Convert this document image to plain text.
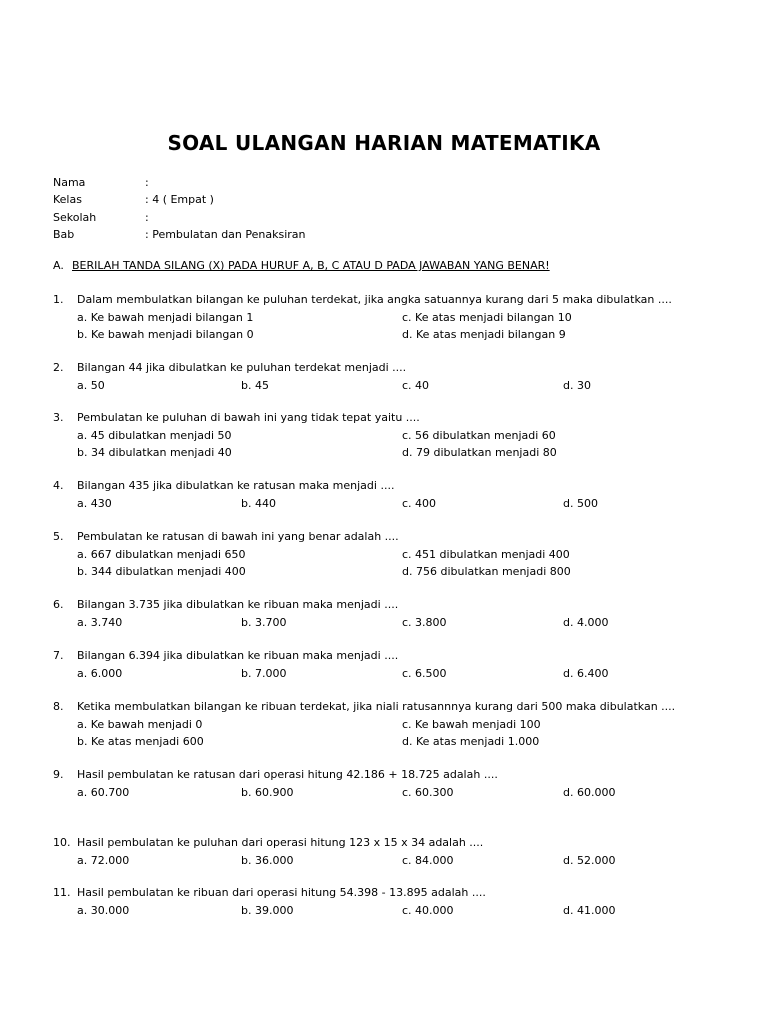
SOAL ULANGAN HARIAN MATEMATIKA
Nama	:
Kelas	: 4 ( Empat )
Sekolah	:
Bab	: Pembulatan dan Penaksiran
A. BERILAH TANDA SILANG (X) PADA HURUF A, B, C ATAU D PADA JAWABAN YANG BENAR!
1. Dalam membulatkan bilangan ke puluhan terdekat, jika angka satuannya kurang dari 5 maka dibulatkan ....
a. Ke bawah menjadi bilangan 1	c. Ke atas menjadi bilangan 10
b. Ke bawah menjadi bilangan 0	d. Ke atas menjadi bilangan 9
2. Bilangan 44 jika dibulatkan ke puluhan terdekat menjadi ....
a. 50	b. 45	c. 40	d. 30
3. Pembulatan ke puluhan di bawah ini yang tidak tepat yaitu ....
a. 45 dibulatkan menjadi 50	c. 56 dibulatkan menjadi 60
b. 34 dibulatkan menjadi 40	d. 79 dibulatkan menjadi 80
4. Bilangan 435 jika dibulatkan ke ratusan maka menjadi ....
a. 430	b. 440	c. 400	d. 500
5. Pembulatan ke ratusan di bawah ini yang benar adalah ....
a. 667 dibulatkan menjadi 650	c. 451 dibulatkan menjadi 400
b. 344 dibulatkan menjadi 400	d. 756 dibulatkan menjadi 800
6. Bilangan 3.735 jika dibulatkan ke ribuan maka menjadi ....
a. 3.740	b. 3.700	c. 3.800	d. 4.000
7. Bilangan 6.394 jika dibulatkan ke ribuan maka menjadi ....
a. 6.000	b. 7.000	c. 6.500	d. 6.400
8. Ketika membulatkan bilangan ke ribuan terdekat, jika niali ratusannnya kurang dari 500 maka dibulatkan ....
a. Ke bawah menjadi 0	c. Ke bawah menjadi 100
b. Ke atas menjadi 600	d. Ke atas menjadi 1.000
9. Hasil pembulatan ke ratusan dari operasi hitung 42.186 + 18.725 adalah ....
a. 60.700	b. 60.900	c. 60.300	d. 60.000
10. Hasil pembulatan ke puluhan dari operasi hitung 123 x 15 x 34 adalah ....
a. 72.000	b. 36.000	c. 84.000	d. 52.000
11. Hasil pembulatan ke ribuan dari operasi hitung 54.398 - 13.895 adalah ....
a. 30.000	b. 39.000	c. 40.000	d. 41.000
